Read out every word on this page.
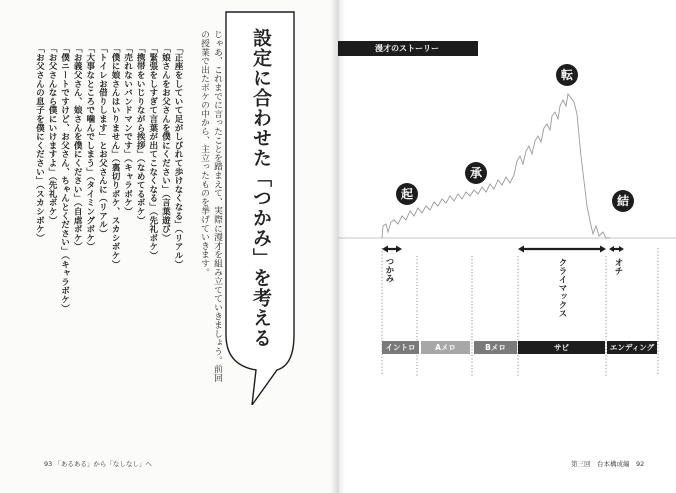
「正座をしていて足がしびれて歩けなくなる」（リアル）
「娘さんをお父さんを僕にください」（言葉遊び）
「緊張をしすぎて言葉が出てこなくなる」（先礼ボケ）
「携帯をいじりながら挨拶」（なめてるボケ）
「売れないバンドマンです」（キャラボケ）
「僕に娘さんはいりません」（裏切りボケ、スカシボケ）
「トイレお借りします」とお父さんに（リアル）
「大事なところで噛んでしまう」（タイミングボケ）
「お義父さん、娘さんを僕にください」（自虐ボケ）
「僕ニートですけど、お父さん、ちゃんとください」（キャラボケ）
「お父さんなら僕にいけますよ」（先礼ボケ）
「お父さんの息子を僕にください」（スカシボケ）	じゃあ、これまでに言ったことを踏まえて、実際に漫才を組み立てていきましょう。前回
の授業で出たボケの中から、主立ったものを挙げていきます。 設定に合わせた「つかみ」を考える
93 「あるある」から「なしなし」へ
漫才のストーリー
起
承
転
結
つかみ	クライマックス	オチ
イントロ	Aメロ	Bメロ	サビ	エンディング
第三回　台本構成編　92
